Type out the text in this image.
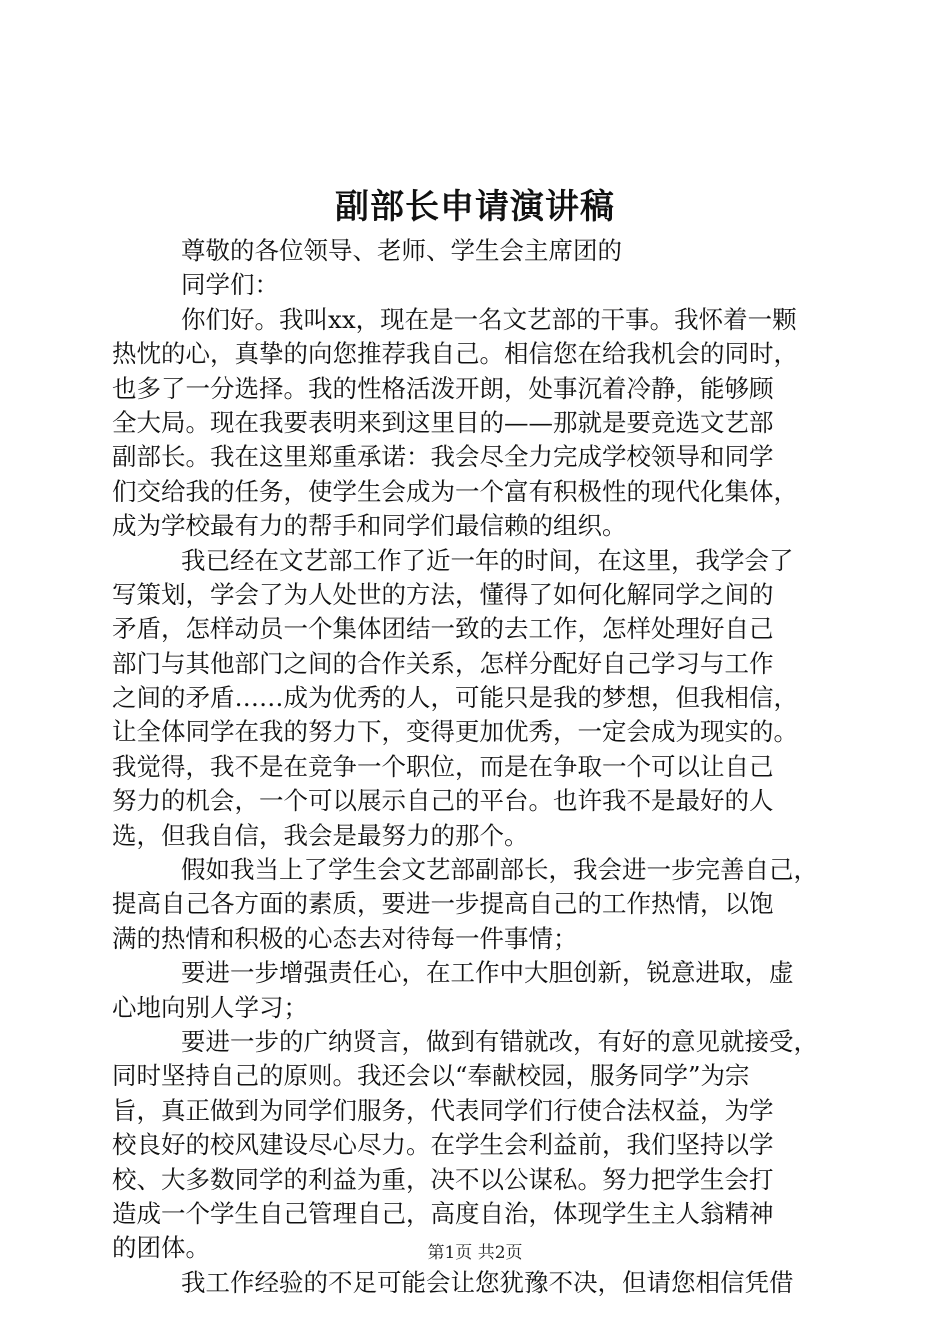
副部长申请演讲稿
尊敬的各位领导、老师、学生会主席团的
同学们：
你们好。我叫xx，现在是一名文艺部的干事。我怀着一颗
热忱的心，真挚的向您推荐我自己。相信您在给我机会的同时，
也多了一分选择。我的性格活泼开朗，处事沉着冷静，能够顾
全大局。现在我要表明来到这里目的——那就是要竞选文艺部
副部长。我在这里郑重承诺：我会尽全力完成学校领导和同学
们交给我的任务，使学生会成为一个富有积极性的现代化集体，
成为学校最有力的帮手和同学们最信赖的组织。
我已经在文艺部工作了近一年的时间，在这里，我学会了
写策划，学会了为人处世的方法，懂得了如何化解同学之间的
矛盾，怎样动员一个集体团结一致的去工作，怎样处理好自己
部门与其他部门之间的合作关系，怎样分配好自己学习与工作
之间的矛盾……成为优秀的人，可能只是我的梦想，但我相信，
让全体同学在我的努力下，变得更加优秀，一定会成为现实的。
我觉得，我不是在竞争一个职位，而是在争取一个可以让自己
努力的机会，一个可以展示自己的平台。也许我不是最好的人
选，但我自信，我会是最努力的那个。
假如我当上了学生会文艺部副部长，我会进一步完善自己，
提高自己各方面的素质，要进一步提高自己的工作热情，以饱
满的热情和积极的心态去对待每一件事情；
要进一步增强责任心，在工作中大胆创新，锐意进取，虚
心地向别人学习；
要进一步的广纳贤言，做到有错就改，有好的意见就接受，
同时坚持自己的原则。我还会以“奉献校园，服务同学”为宗
旨，真正做到为同学们服务，代表同学们行使合法权益，为学
校良好的校风建设尽心尽力。在学生会利益前，我们坚持以学
校、大多数同学的利益为重，决不以公谋私。努力把学生会打
造成一个学生自己管理自己，高度自治，体现学生主人翁精神
的团体。
我工作经验的不足可能会让您犹豫不决，但请您相信凭借
第1页 共2页
